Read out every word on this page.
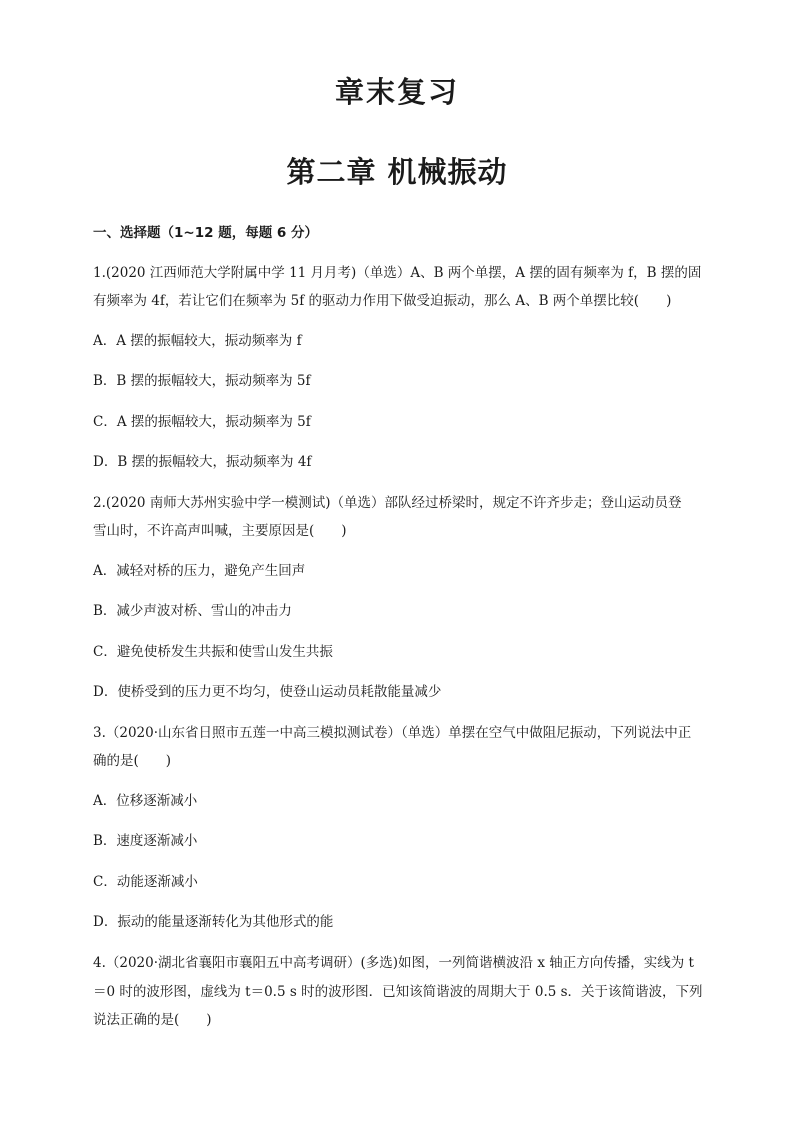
章末复习
第二章 机械振动
一、选择题（1~12 题，每题 6 分）
1.(2020 江西师范大学附属中学 11 月月考)（单选）A、B 两个单摆，A 摆的固有频率为 f，B 摆的固
有频率为 4f，若让它们在频率为 5f 的驱动力作用下做受迫振动，那么 A、B 两个单摆比较(　　)
A．A 摆的振幅较大，振动频率为 f
B．B 摆的振幅较大，振动频率为 5f
C．A 摆的振幅较大，振动频率为 5f
D．B 摆的振幅较大，振动频率为 4f
2.(2020 南师大苏州实验中学一模测试)（单选）部队经过桥梁时，规定不许齐步走；登山运动员登
雪山时，不许高声叫喊，主要原因是(　　)
A．减轻对桥的压力，避免产生回声
B．减少声波对桥、雪山的冲击力
C．避免使桥发生共振和使雪山发生共振
D．使桥受到的压力更不均匀，使登山运动员耗散能量减少
3.（2020·山东省日照市五莲一中高三模拟测试卷）（单选）单摆在空气中做阻尼振动，下列说法中正
确的是(　　)
A．位移逐渐减小
B．速度逐渐减小
C．动能逐渐减小
D．振动的能量逐渐转化为其他形式的能
4.（2020·湖北省襄阳市襄阳五中高考调研）(多选)如图，一列简谐横波沿 x 轴正方向传播，实线为 t
＝0 时的波形图，虚线为 t＝0.5 s 时的波形图．已知该简谐波的周期大于 0.5 s．关于该简谐波，下列
说法正确的是(　　)
